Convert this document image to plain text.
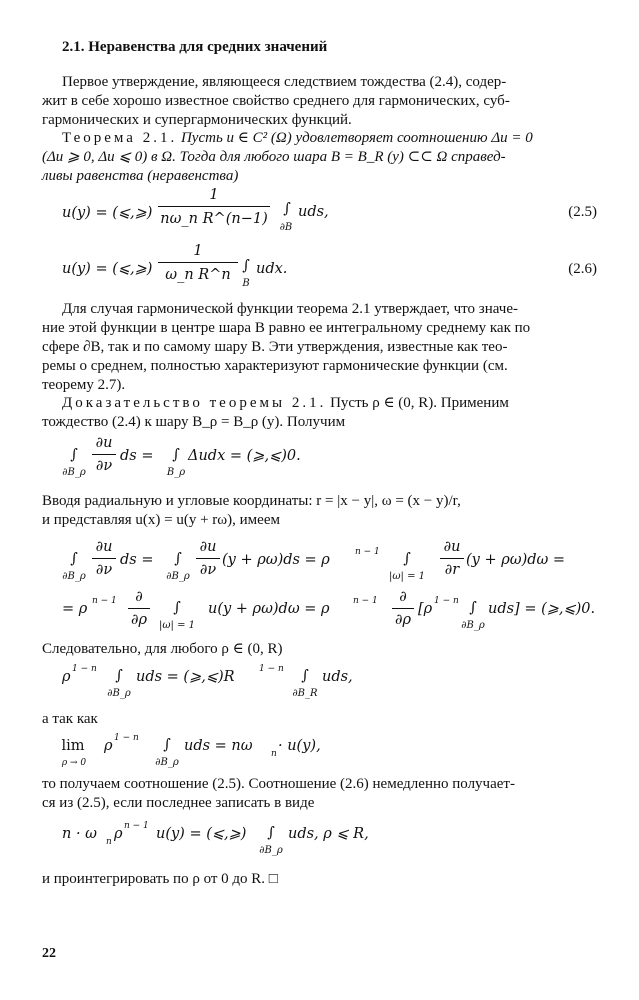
2.1. Неравенства для средних значений
Первое утверждение, являющееся следствием тождества (2.4), содер-
жит в себе хорошо известное свойство среднего для гармонических, суб-
гармонических и супергармонических функций.
Теорема 2.1. Пусть u ∈ C² (Ω) удовлетворяет соотношению Δu = 0
(Δu ⩾ 0, Δu ⩽ 0) в Ω. Тогда для любого шара B = B_R (y) ⊂⊂ Ω справед-
ливы равенства (неравенства)
u(y) = (⩽,⩾)
1
nω_n R^(n−1)
∫
∂B
uds,	(2.5)
u(y) = (⩽,⩾)
1
ω_n R^n
∫
B
udx.	(2.6)
Для случая гармонической функции теорема 2.1 утверждает, что значе-
ние этой функции в центре шара B равно ее интегральному среднему как по
сфере ∂B, так и по самому шару B. Эти утверждения, известные как тео-
ремы о среднем, полностью характеризуют гармонические функции (см.
теорему 2.7).
Доказательство теоремы 2.1. Пусть ρ ∈ (0, R). Применим
тождество (2.4) к шару B_ρ = B_ρ (y). Получим
∫
∂B_ρ
∂u
∂ν
ds =	∫
B_ρ
Δudx = (⩾,⩽)0.
Вводя радиальную и угловые координаты: r = |x − y|, ω = (x − y)/r,
и представляя u(x) = u(y + rω), имеем
∫
∂B_ρ
∂u
∂ν
ds =	∫
∂B_ρ
∂u
∂ν
(y + ρω)ds = ρ	n − 1	∫
|ω| = 1
∂u
∂r
(y + ρω)dω =
= ρ n − 1	∂
∂ρ
∫
|ω| = 1
u(y + ρω)dω = ρ	n − 1	∂
∂ρ
[ρ 1 − n ∫
∂B_ρ
uds] = (⩾,⩽)0.
Следовательно, для любого ρ ∈ (0, R)
ρ 1 − n	∫
∂B_ρ
uds = (⩾,⩽)R	1 − n	∫
∂B_R
uds,
а так как
lim
ρ → 0
ρ 1 − n	∫
∂B_ρ
uds = nω n · u(y),
то получаем соотношение (2.5). Соотношение (2.6) немедленно получает-
ся из (2.5), если последнее записать в виде
n · ω n ρ n − 1 u(y) = (⩽,⩾)	∫
∂B_ρ
uds, ρ ⩽ R,
и проинтегрировать по ρ от 0 до R. □
22
